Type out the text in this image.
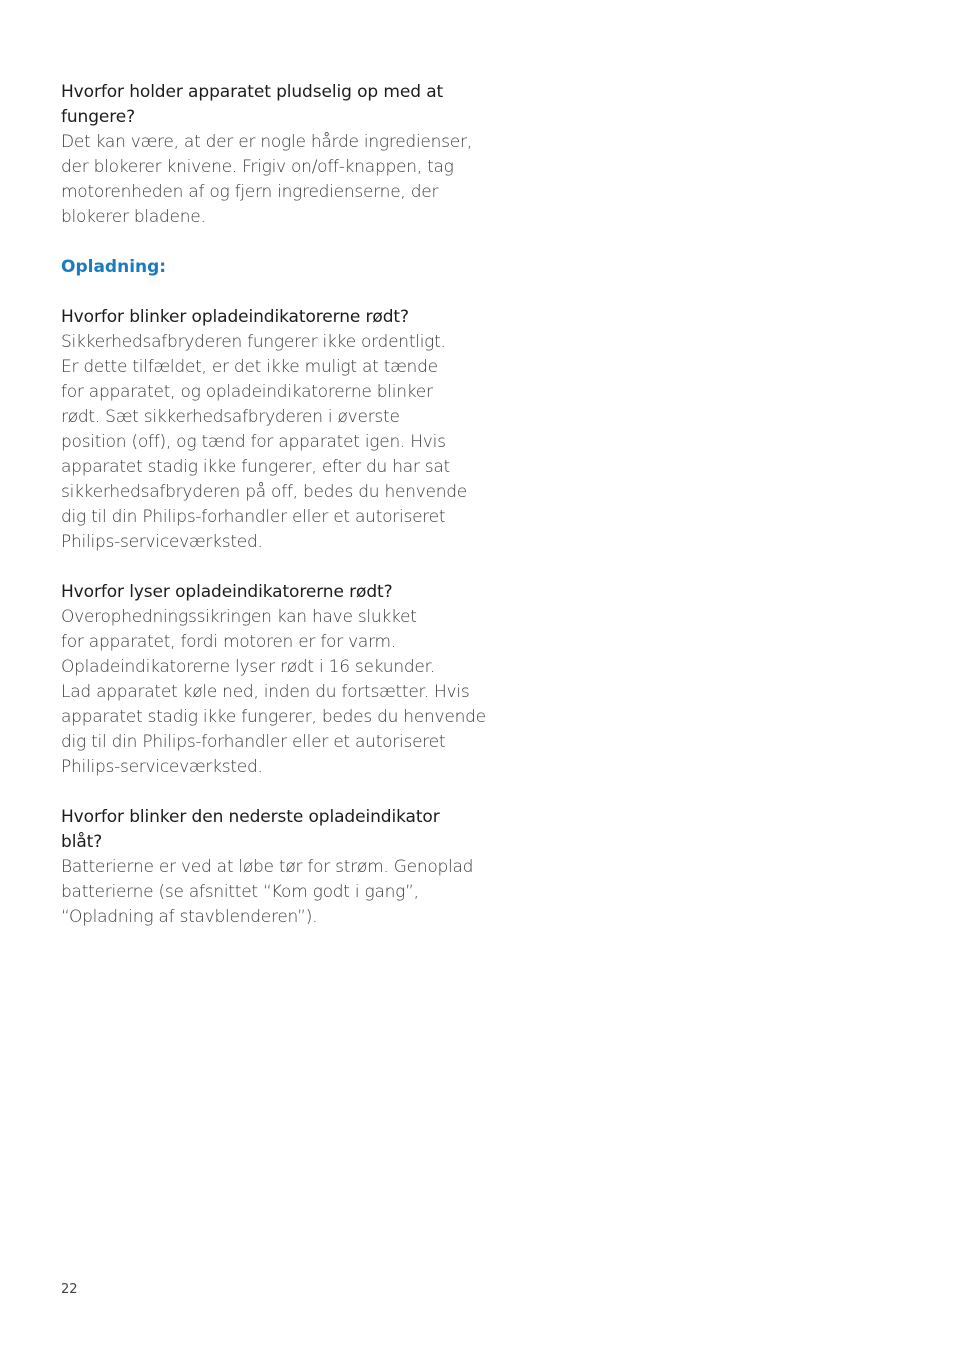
Hvorfor holder apparatet pludselig op med at
fungere?

Det kan være, at der er nogle hårde ingredienser,
der blokerer knivene. Frigiv on/off-knappen, tag
motorenheden af og fjern ingredienserne, der
blokerer bladene.

Opladning:

Hvorfor blinker opladeindikatorerne rødt?

Sikkerhedsafbryderen fungerer ikke ordentligt.
Er dette tilfældet, er det ikke muligt at tænde
for apparatet, og opladeindikatorerne blinker
rødt. Sæt sikkerhedsafbryderen i øverste
position (off), og tænd for apparatet igen. Hvis
apparatet stadig ikke fungerer, efter du har sat
sikkerhedsafbryderen på off, bedes du henvende
dig til din Philips-forhandler eller et autoriseret
Philips-serviceværksted.

Hvorfor lyser opladeindikatorerne rødt?

Overophedningssikringen kan have slukket
for apparatet, fordi motoren er for varm.
Opladeindikatorerne lyser rødt i 16 sekunder.
Lad apparatet køle ned, inden du fortsætter. Hvis
apparatet stadig ikke fungerer, bedes du henvende
dig til din Philips-forhandler eller et autoriseret
Philips-serviceværksted.

Hvorfor blinker den nederste opladeindikator
blåt?

Batterierne er ved at løbe tør for strøm. Genoplad
batterierne (se afsnittet “Kom godt i gang”,
“Opladning af stavblenderen”).

22
